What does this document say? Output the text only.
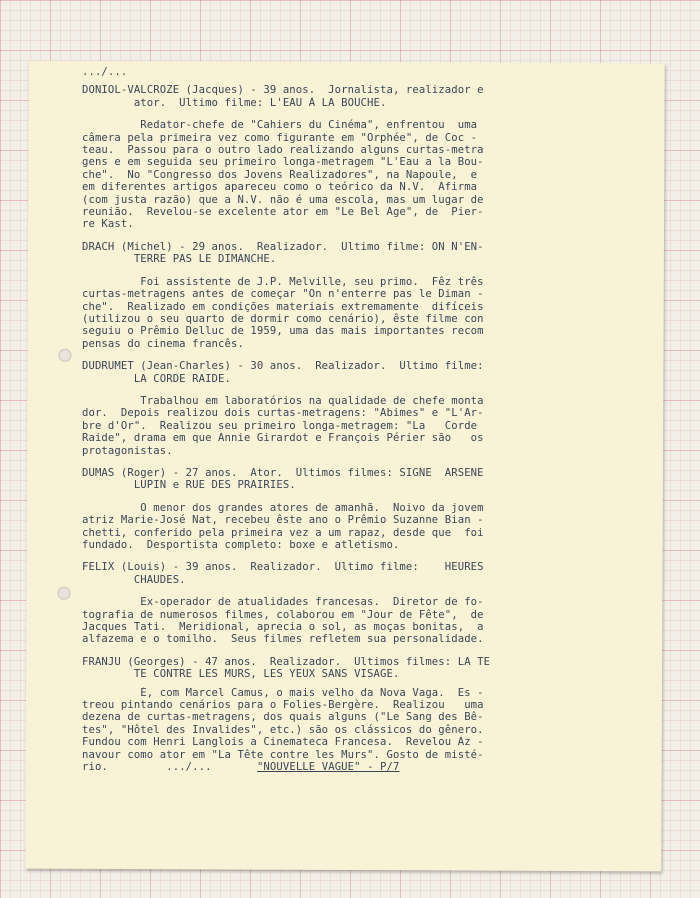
.../...
DONIOL-VALCROZE (Jacques) - 39 anos.  Jornalista, realizador e
ator.  Último filme: L'EAU À LA BOUCHE.
Redator-chefe de "Cahiers du Cinéma", enfrentou  uma
câmera pela primeira vez como figurante em "Orphée", de Coc -
teau.  Passou para o outro lado realizando alguns curtas-metra
gens e em seguida seu primeiro longa-metragem "L'Eau a la Bou-
che".  No "Congresso dos Jovens Realizadores", na Napoule,  e
em diferentes artigos apareceu como o teórico da N.V.  Afirma
(com justa razão) que a N.V. não é uma escola, mas um lugar de
reunião.  Revelou-se excelente ator em "Le Bel Age", de  Pier-
re Kast.
DRACH (Michel) - 29 anos.  Realizador.  Último filme: ON N'EN-
TERRE PAS LE DIMANCHE.
Foi assistente de J.P. Melville, seu primo.  Fêz três
curtas-metragens antes de começar "On n'enterre pas le Diman -
che".  Realizado em condições materiais extremamente  difíceis
(utilizou o seu quarto de dormir como cenário), êste filme con
seguiu o Prêmio Delluc de 1959, uma das mais importantes recom
pensas do cinema francês.
DUDRUMET (Jean-Charles) - 30 anos.  Realizador.  Último filme:
LA CORDE RAIDE.
Trabalhou em laboratórios na qualidade de chefe monta
dor.  Depois realizou dois curtas-metragens: "Abimes" e "L'Ar-
bre d'Or".  Realizou seu primeiro longa-metragem: "La   Corde
Raide", drama em que Annie Girardot e François Périer são   os
protagonistas.
DUMAS (Roger) - 27 anos.  Ator.  Últimos filmes: SIGNE  ARSENE
LUPIN e RUE DES PRAIRIES.
O menor dos grandes atores de amanhã.  Noivo da jovem
atriz Marie-José Nat, recebeu êste ano o Prêmio Suzanne Bian -
chetti, conferido pela primeira vez a um rapaz, desde que  foi
fundado.  Desportista completo: boxe e atletismo.
FELIX (Louis) - 39 anos.  Realizador.  Último filme:    HEURES
CHAUDES.
Ex-operador de atualidades francesas.  Diretor de fo-
tografia de numerosos filmes, colaborou em "Jour de Fête",  de
Jacques Tati.  Meridional, aprecia o sol, as moças bonitas,  a
alfazema e o tomilho.  Seus filmes refletem sua personalidade.
FRANJU (Georges) - 47 anos.  Realizador.  Últimos filmes: LA TE
TE CONTRE LES MURS, LES YEUX SANS VISAGE.
É, com Marcel Camus, o mais velho da Nova Vaga.  Es -
treou pintando cenários para o Folies-Bergère.  Realizou   uma
dezena de curtas-metragens, dos quais alguns ("Le Sang des Bê-
tes", "Hôtel des Invalides", etc.) são os clássicos do gênero.
Fundou com Henri Langlois a Cinemateca Francesa.  Revelou Az -
navour como ator em "La Tête contre les Murs". Gosto de misté-
rio.	.../...	"NOUVELLE VAGUE" - P/7
